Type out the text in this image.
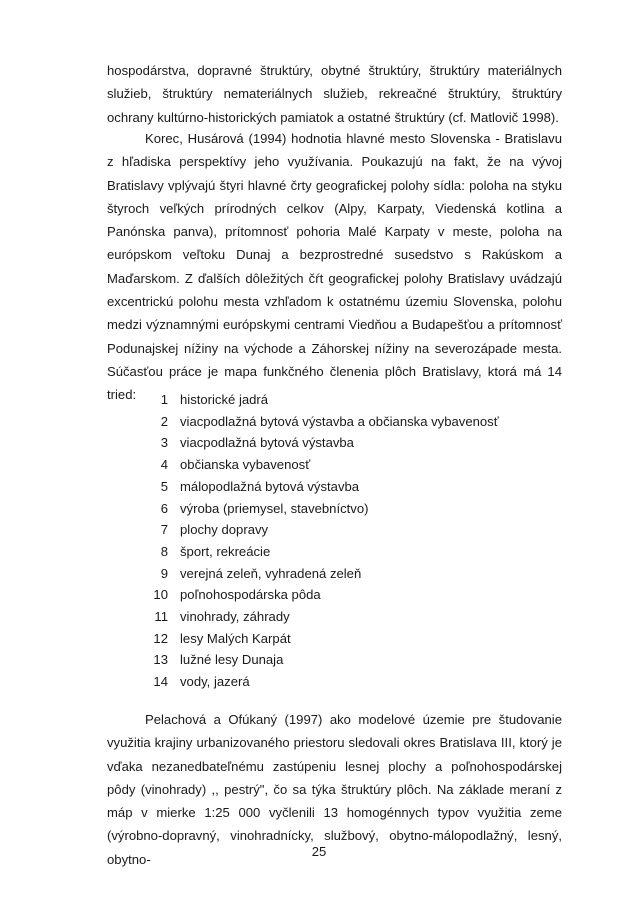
hospodárstva, dopravné štruktúry, obytné štruktúry, štruktúry materiálnych služieb, štruktúry nemateriálnych služieb, rekreačné štruktúry, štruktúry ochrany kultúrno-historických pamiatok a ostatné štruktúry (cf. Matlovič 1998).

Korec, Husárová (1994) hodnotia hlavné mesto Slovenska - Bratislavu z hľadiska perspektívy jeho využívania. Poukazujú na fakt, že na vývoj Bratislavy vplývajú štyri hlavné črty geografickej polohy sídla: poloha na styku štyroch veľkých prírodných celkov (Alpy, Karpaty, Viedenská kotlina a Panónska panva), prítomnosť pohoria Malé Karpaty v meste, poloha na európskom veľtoku Dunaj a bezprostredné susedstvo s Rakúskom a Maďarskom. Z ďalších dôležitých čŕt geografickej polohy Bratislavy uvádzajú excentrickú polohu mesta vzhľadom k ostatnému územiu Slovenska, polohu medzi významnými európskymi centrami Viedňou a Budapešťou a prítomnosť Podunajskej nížiny na východe a Záhorskej nížiny na severozápade mesta. Súčasťou práce je mapa funkčného členenia plôch Bratislavy, ktorá má 14 tried:	1 historické jadrá
2 viacpodlažná bytová výstavba a občianska vybavenosť
3 viacpodlažná bytová výstavba
4 občianska vybavenosť
5 málopodlažná bytová výstavba
6 výroba (priemysel, stavebníctvo)
7 plochy dopravy
8 šport, rekreácie
9 verejná zeleň, vyhradená zeleň
10 poľnohospodárska pôda
11 vinohrady, záhrady
12 lesy Malých Karpát
13 lužné lesy Dunaja
14 vody, jazerá

Pelachová a Ofúkaný (1997) ako modelové územie pre študovanie využitia krajiny urbanizovaného priestoru sledovali okres Bratislava III, ktorý je vďaka nezanedbateľnému zastúpeniu lesnej plochy a poľnohospodárskej pôdy (vinohrady) ,, pestrý", čo sa týka štruktúry plôch. Na základe meraní z máp v mierke 1:25 000 vyčlenili 13 homogénnych typov využitia zeme (výrobno-dopravný, vinohradnícky, službový, obytno-málopodlažný, lesný, obytno-

25
